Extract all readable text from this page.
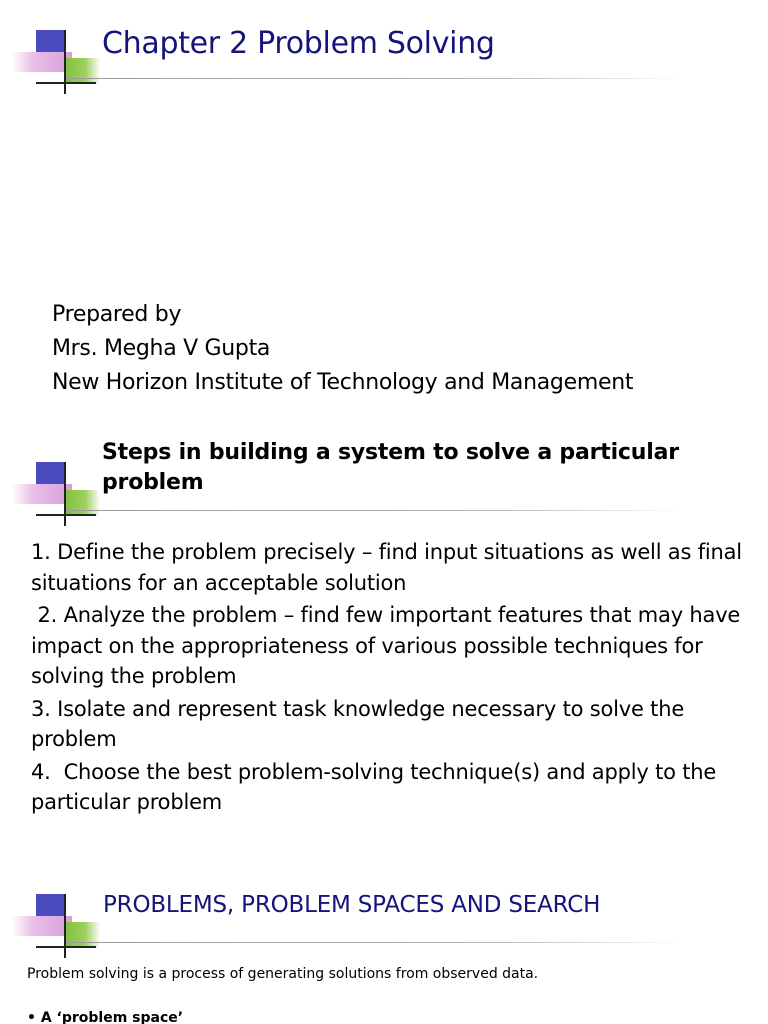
Chapter 2 Problem Solving
Prepared by
Mrs. Megha V Gupta
New Horizon Institute of Technology and Management
Steps in building a system to solve a particular problem
1. Define the problem precisely – find input situations as well as final situations for an acceptable solution
2. Analyze the problem – find few important features that may have impact on the appropriateness of various possible techniques for solving the problem
3. Isolate and represent task knowledge necessary to solve the problem
4.  Choose the best problem-solving technique(s) and apply to the particular problem
PROBLEMS, PROBLEM SPACES AND SEARCH
Problem solving is a process of generating solutions from observed data.
• A ‘problem space’
